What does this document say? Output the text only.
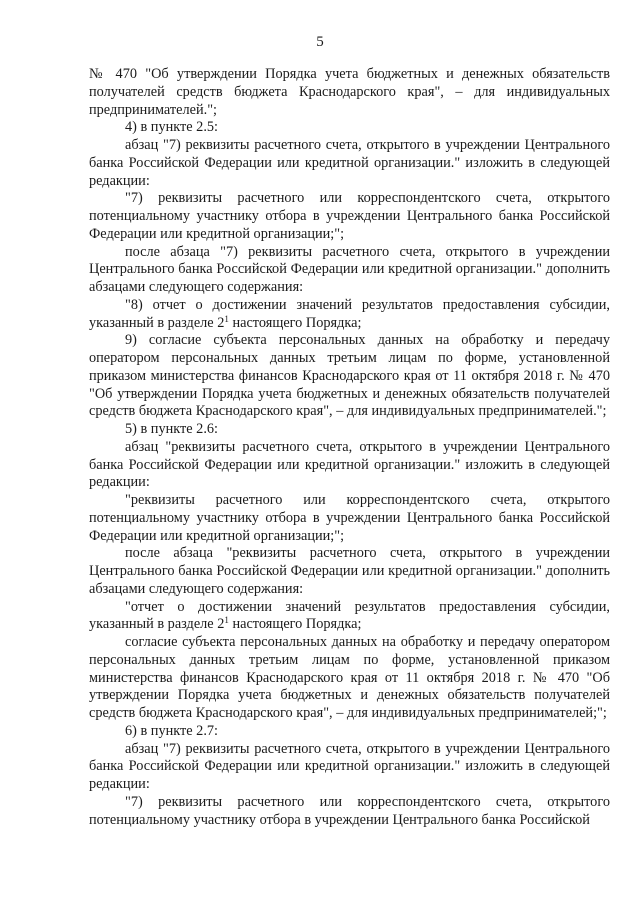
5

№ 470 "Об утверждении Порядка учета бюджетных и денежных обязательств получателей средств бюджета Краснодарского края", – для индивидуальных предпринимателей.";

4) в пункте 2.5:

абзац "7) реквизиты расчетного счета, открытого в учреждении Центрального банка Российской Федерации или кредитной организации." изложить в следующей редакции:

"7) реквизиты расчетного или корреспондентского счета, открытого потенциальному участнику отбора в учреждении Центрального банка Российской Федерации или кредитной организации;";

после абзаца "7) реквизиты расчетного счета, открытого в учреждении Центрального банка Российской Федерации или кредитной организации." дополнить абзацами следующего содержания:

"8) отчет о достижении значений результатов предоставления субсидии, указанный в разделе $2^1$ настоящего Порядка;

9) согласие субъекта персональных данных на обработку и передачу оператором персональных данных третьим лицам по форме, установленной приказом министерства финансов Краснодарского края от 11 октября 2018 г. № 470 "Об утверждении Порядка учета бюджетных и денежных обязательств получателей средств бюджета Краснодарского края", – для индивидуальных предпринимателей.";

5) в пункте 2.6:

абзац "реквизиты расчетного счета, открытого в учреждении Центрального банка Российской Федерации или кредитной организации." изложить в следующей редакции:

"реквизиты расчетного или корреспондентского счета, открытого потенциальному участнику отбора в учреждении Центрального банка Российской Федерации или кредитной организации;";

после абзаца "реквизиты расчетного счета, открытого в учреждении Центрального банка Российской Федерации или кредитной организации." дополнить абзацами следующего содержания:

"отчет о достижении значений результатов предоставления субсидии, указанный в разделе $2^1$ настоящего Порядка;

согласие субъекта персональных данных на обработку и передачу оператором персональных данных третьим лицам по форме, установленной приказом министерства финансов Краснодарского края от 11 октября 2018 г. № 470 "Об утверждении Порядка учета бюджетных и денежных обязательств получателей средств бюджета Краснодарского края", – для индивидуальных предпринимателей;";

6) в пункте 2.7:

абзац "7) реквизиты расчетного счета, открытого в учреждении Центрального банка Российской Федерации или кредитной организации." изложить в следующей редакции:

"7) реквизиты расчетного или корреспондентского счета, открытого потенциальному участнику отбора в учреждении Центрального банка Российской
